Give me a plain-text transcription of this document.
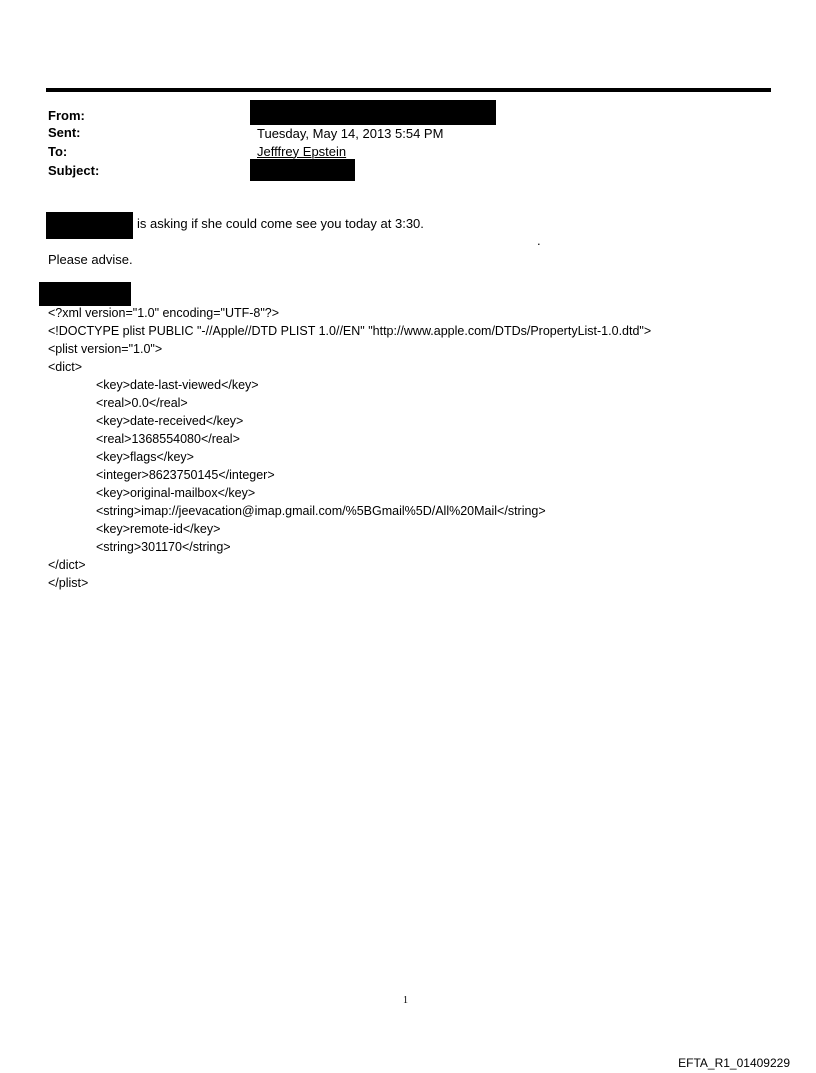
From:
Sent:
To:
Subject:
Tuesday, May 14, 2013 5:54 PM
Jefffrey Epstein
is asking if she could come see you today at 3:30.
.
Please advise.
<?xml version="1.0" encoding="UTF-8"?>
<!DOCTYPE plist PUBLIC "-//Apple//DTD PLIST 1.0//EN" "http://www.apple.com/DTDs/PropertyList-1.0.dtd">
<plist version="1.0">
<dict>
<key>date-last-viewed</key>
<real>0.0</real>
<key>date-received</key>
<real>1368554080</real>
<key>flags</key>
<integer>8623750145</integer>
<key>original-mailbox</key>
<string>imap://jeevacation@imap.gmail.com/%5BGmail%5D/All%20Mail</string>
<key>remote-id</key>
<string>301170</string>
</dict>
</plist>
1
EFTA_R1_01409229
